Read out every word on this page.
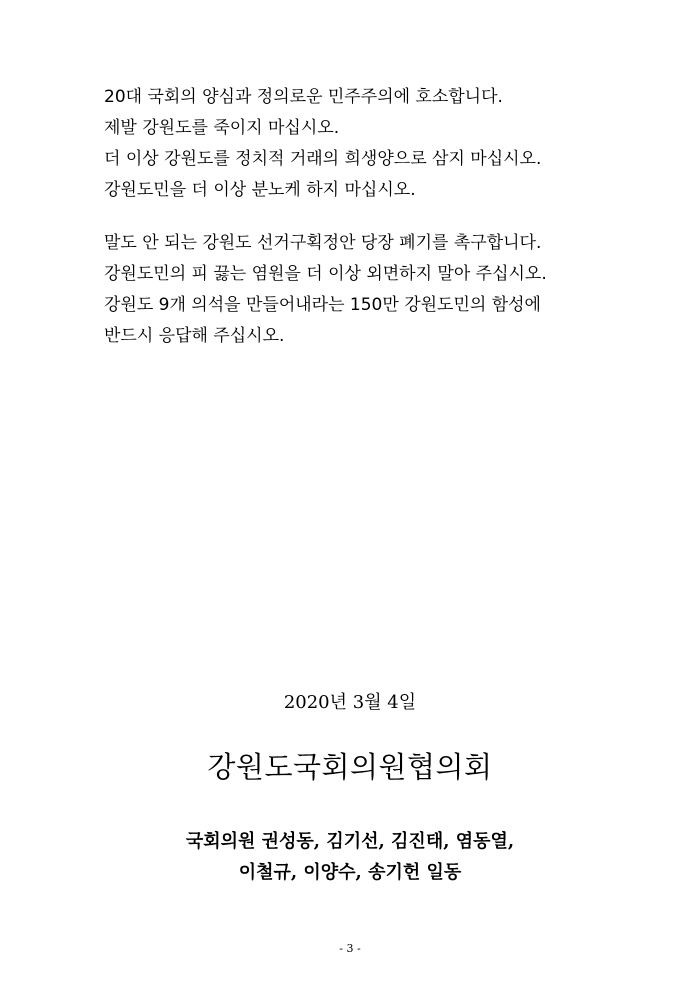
20대 국회의 양심과 정의로운 민주주의에 호소합니다.
제발 강원도를 죽이지 마십시오.
더 이상 강원도를 정치적 거래의 희생양으로 삼지 마십시오.
강원도민을 더 이상 분노케 하지 마십시오.
말도 안 되는 강원도 선거구획정안 당장 폐기를 촉구합니다.
강원도민의 피 끓는 염원을 더 이상 외면하지 말아 주십시오.
강원도 9개 의석을 만들어내라는 150만 강원도민의 함성에
반드시 응답해 주십시오.
2020년 3월 4일
강원도국회의원협의회
국회의원 권성동, 김기선, 김진태, 염동열,
이철규, 이양수, 송기헌 일동
- 3 -
